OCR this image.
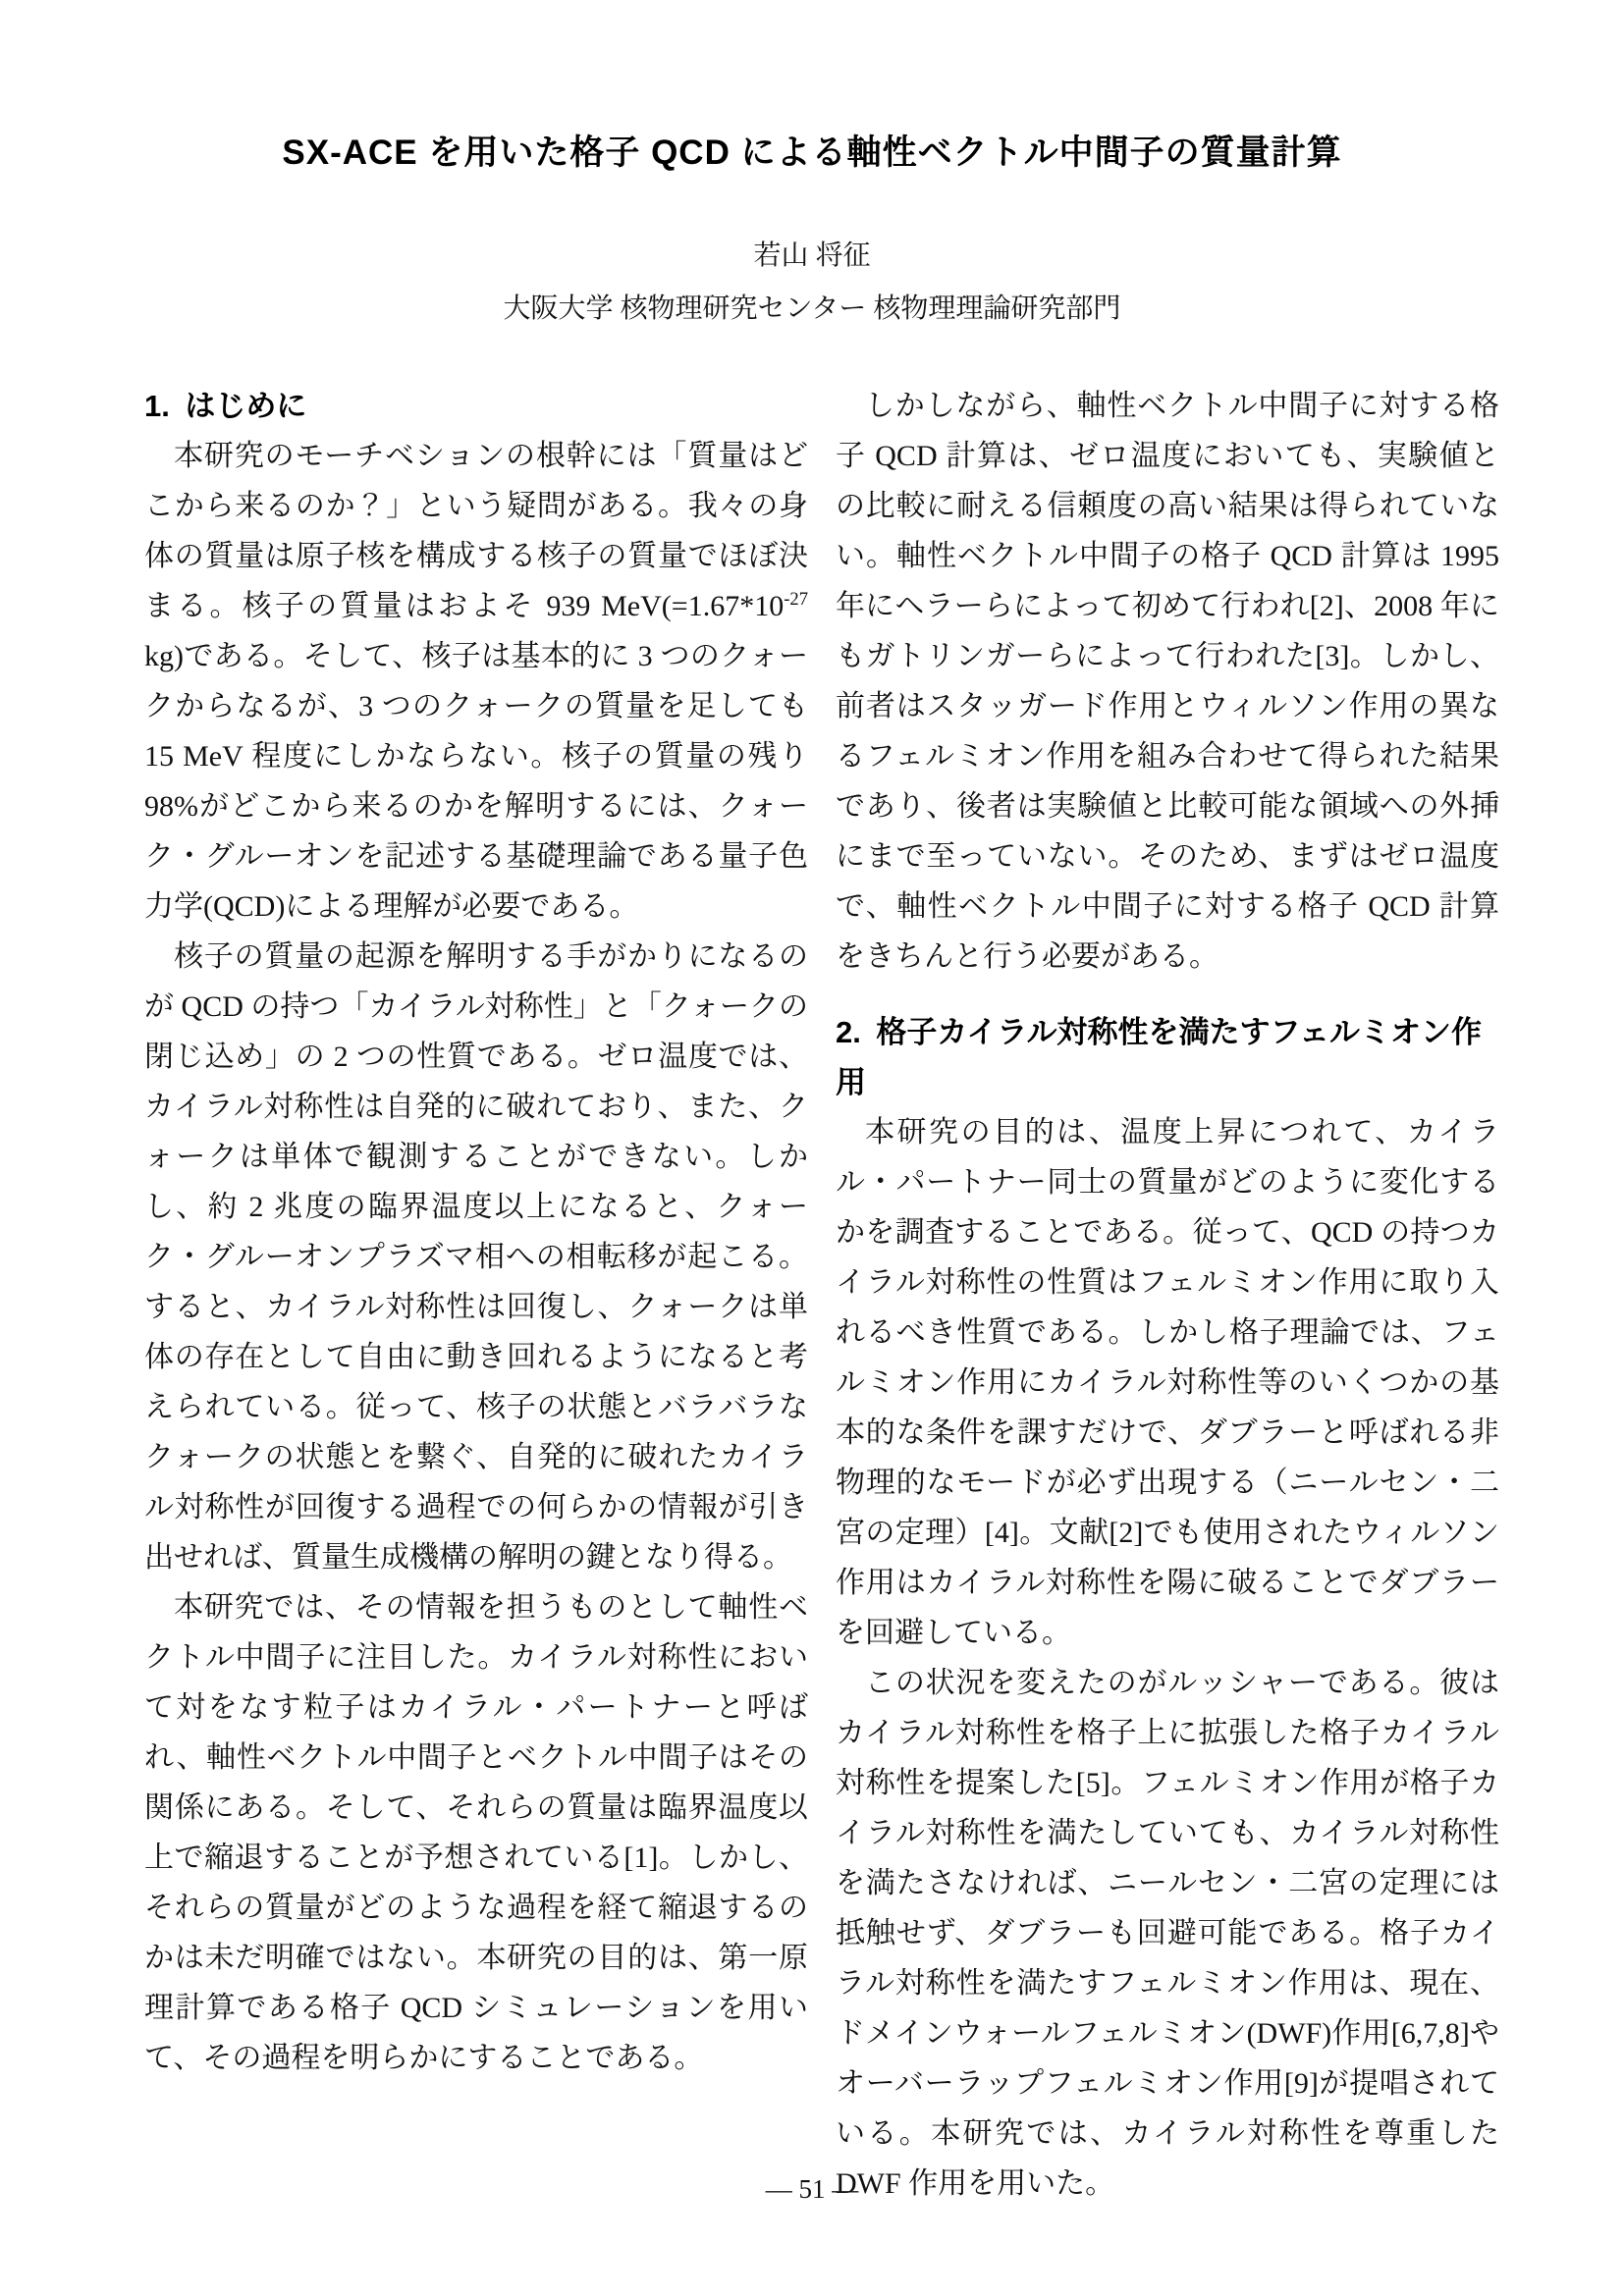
SX-ACE を用いた格子 QCD による軸性ベクトル中間子の質量計算
若山 将征
大阪大学 核物理研究センター 核物理理論研究部門
1. はじめに

本研究のモーチベションの根幹には「質量はどこから来るのか？」という疑問がある。我々の身体の質量は原子核を構成する核子の質量でほぼ決まる。核子の質量はおよそ 939 $MeV(=1.67*10^{-27}$ kg)である。そして、核子は基本的に 3 つのクォークからなるが、3 つのクォークの質量を足しても 15 MeV 程度にしかならない。核子の質量の残り 98%がどこから来るのかを解明するには、クォーク・グルーオンを記述する基礎理論である量子色力学(QCD)による理解が必要である。

核子の質量の起源を解明する手がかりになるのが QCD の持つ「カイラル対称性」と「クォークの閉じ込め」の 2 つの性質である。ゼロ温度では、カイラル対称性は自発的に破れており、また、クォークは単体で観測することができない。しかし、約 2 兆度の臨界温度以上になると、クォーク・グルーオンプラズマ相への相転移が起こる。すると、カイラル対称性は回復し、クォークは単体の存在として自由に動き回れるようになると考えられている。従って、核子の状態とバラバラなクォークの状態とを繋ぐ、自発的に破れたカイラル対称性が回復する過程での何らかの情報が引き出せれば、質量生成機構の解明の鍵となり得る。

本研究では、その情報を担うものとして軸性ベクトル中間子に注目した。カイラル対称性において対をなす粒子はカイラル・パートナーと呼ばれ、軸性ベクトル中間子とベクトル中間子はその関係にある。そして、それらの質量は臨界温度以上で縮退することが予想されている[1]。しかし、それらの質量がどのような過程を経て縮退するのかは未だ明確ではない。本研究の目的は、第一原理計算である格子 QCD シミュレーションを用いて、その過程を明らかにすることである。

しかしながら、軸性ベクトル中間子に対する格子 QCD 計算は、ゼロ温度においても、実験値との比較に耐える信頼度の高い結果は得られていない。軸性ベクトル中間子の格子 QCD 計算は 1995 年にヘラーらによって初めて行われ[2]、2008 年にもガトリンガーらによって行われた[3]。しかし、前者はスタッガード作用とウィルソン作用の異なるフェルミオン作用を組み合わせて得られた結果であり、後者は実験値と比較可能な領域への外挿にまで至っていない。そのため、まずはゼロ温度で、軸性ベクトル中間子に対する格子 QCD 計算をきちんと行う必要がある。

2. 格子カイラル対称性を満たすフェルミオン作用

本研究の目的は、温度上昇につれて、カイラル・パートナー同士の質量がどのように変化するかを調査することである。従って、QCD の持つカイラル対称性の性質はフェルミオン作用に取り入れるべき性質である。しかし格子理論では、フェルミオン作用にカイラル対称性等のいくつかの基本的な条件を課すだけで、ダブラーと呼ばれる非物理的なモードが必ず出現する（ニールセン・二宮の定理）[4]。文献[2]でも使用されたウィルソン作用はカイラル対称性を陽に破ることでダブラーを回避している。

この状況を変えたのがルッシャーである。彼はカイラル対称性を格子上に拡張した格子カイラル対称性を提案した[5]。フェルミオン作用が格子カイラル対称性を満たしていても、カイラル対称性を満たさなければ、ニールセン・二宮の定理には抵触せず、ダブラーも回避可能である。格子カイラル対称性を満たすフェルミオン作用は、現在、ドメインウォールフェルミオン(DWF)作用[6,7,8]やオーバーラップフェルミオン作用[9]が提唱されている。本研究では、カイラル対称性を尊重した DWF 作用を用いた。

— 51 —
